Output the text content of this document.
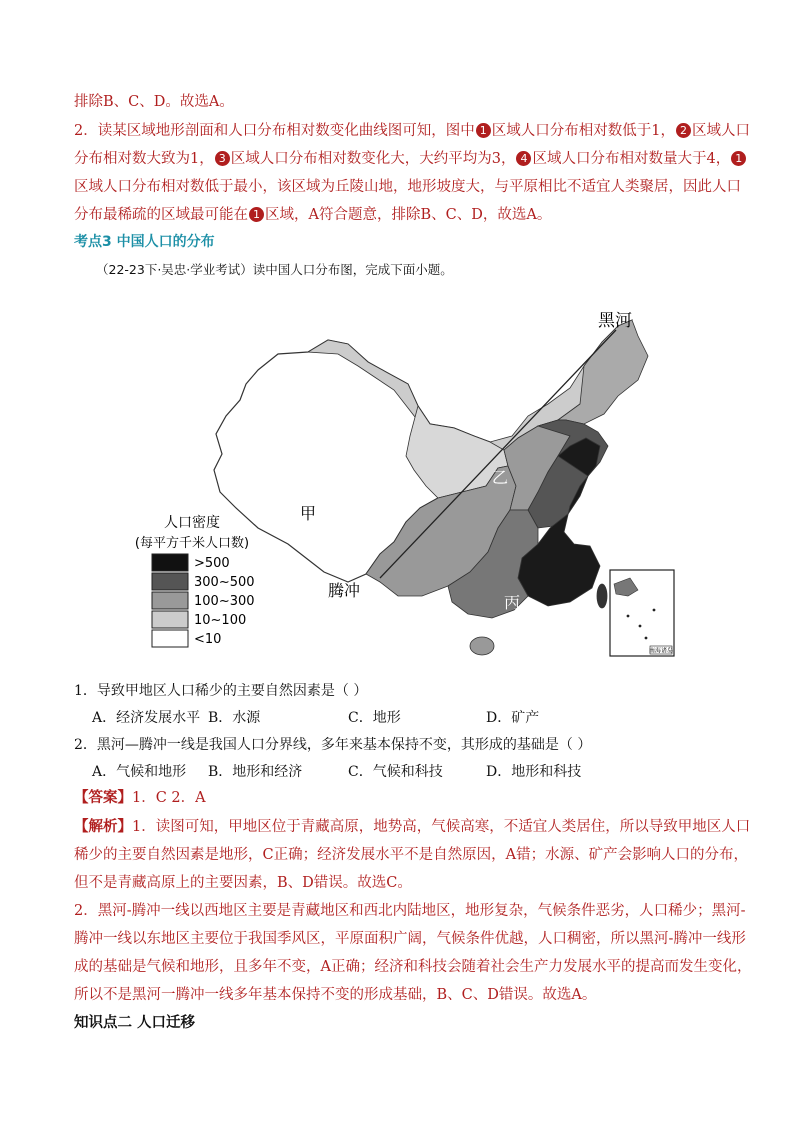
排除B、C、D。故选A。
2．读某区域地形剖面和人口分布相对数变化曲线图可知，图中 1 区域人口分布相对数低于1， 2 区域人口
分布相对数大致为1， 3 区域人口分布相对数变化大，大约平均为3， 4 区域人口分布相对数量大于4， 1
区域人口分布相对数低于最小，该区域为丘陵山地，地形坡度大，与平原相比不适宜人类聚居，因此人口
分布最稀疏的区域最可能在 1 区域，A符合题意，排除B、C、D，故选A。
考点3 中国人口的分布
（22-23下·吴忠·学业考试）读中国人口分布图，完成下面小题。
南海诸岛
黑河
腾冲
甲
乙
丙
人口密度
(每平方千米人口数)
>500
300~500
100~300
10~100
<10
1．导致甲地区人口稀少的主要自然因素是（ ）
A．经济发展水平 B．水源	C．地形	D．矿产
2．黑河—腾冲一线是我国人口分界线，多年来基本保持不变，其形成的基础是（ ）
A．气候和地形 B．地形和经济	C．气候和科技	D．地形和科技
【答案】1．C 2．A
【解析】1．读图可知，甲地区位于青藏高原，地势高，气候高寒，不适宜人类居住，所以导致甲地区人口
稀少的主要自然因素是地形，C正确；经济发展水平不是自然原因，A错；水源、矿产会影响人口的分布，
但不是青藏高原上的主要因素，B、D错误。故选C。
2．黑河-腾冲一线以西地区主要是青藏地区和西北内陆地区，地形复杂，气候条件恶劣，人口稀少；黑河-
腾冲一线以东地区主要位于我国季风区，平原面积广阔，气候条件优越，人口稠密，所以黑河-腾冲一线形
成的基础是气候和地形，且多年不变，A正确；经济和科技会随着社会生产力发展水平的提高而发生变化，
所以不是黑河一腾冲一线多年基本保持不变的形成基础，B、C、D错误。故选A。
知识点二 人口迁移
